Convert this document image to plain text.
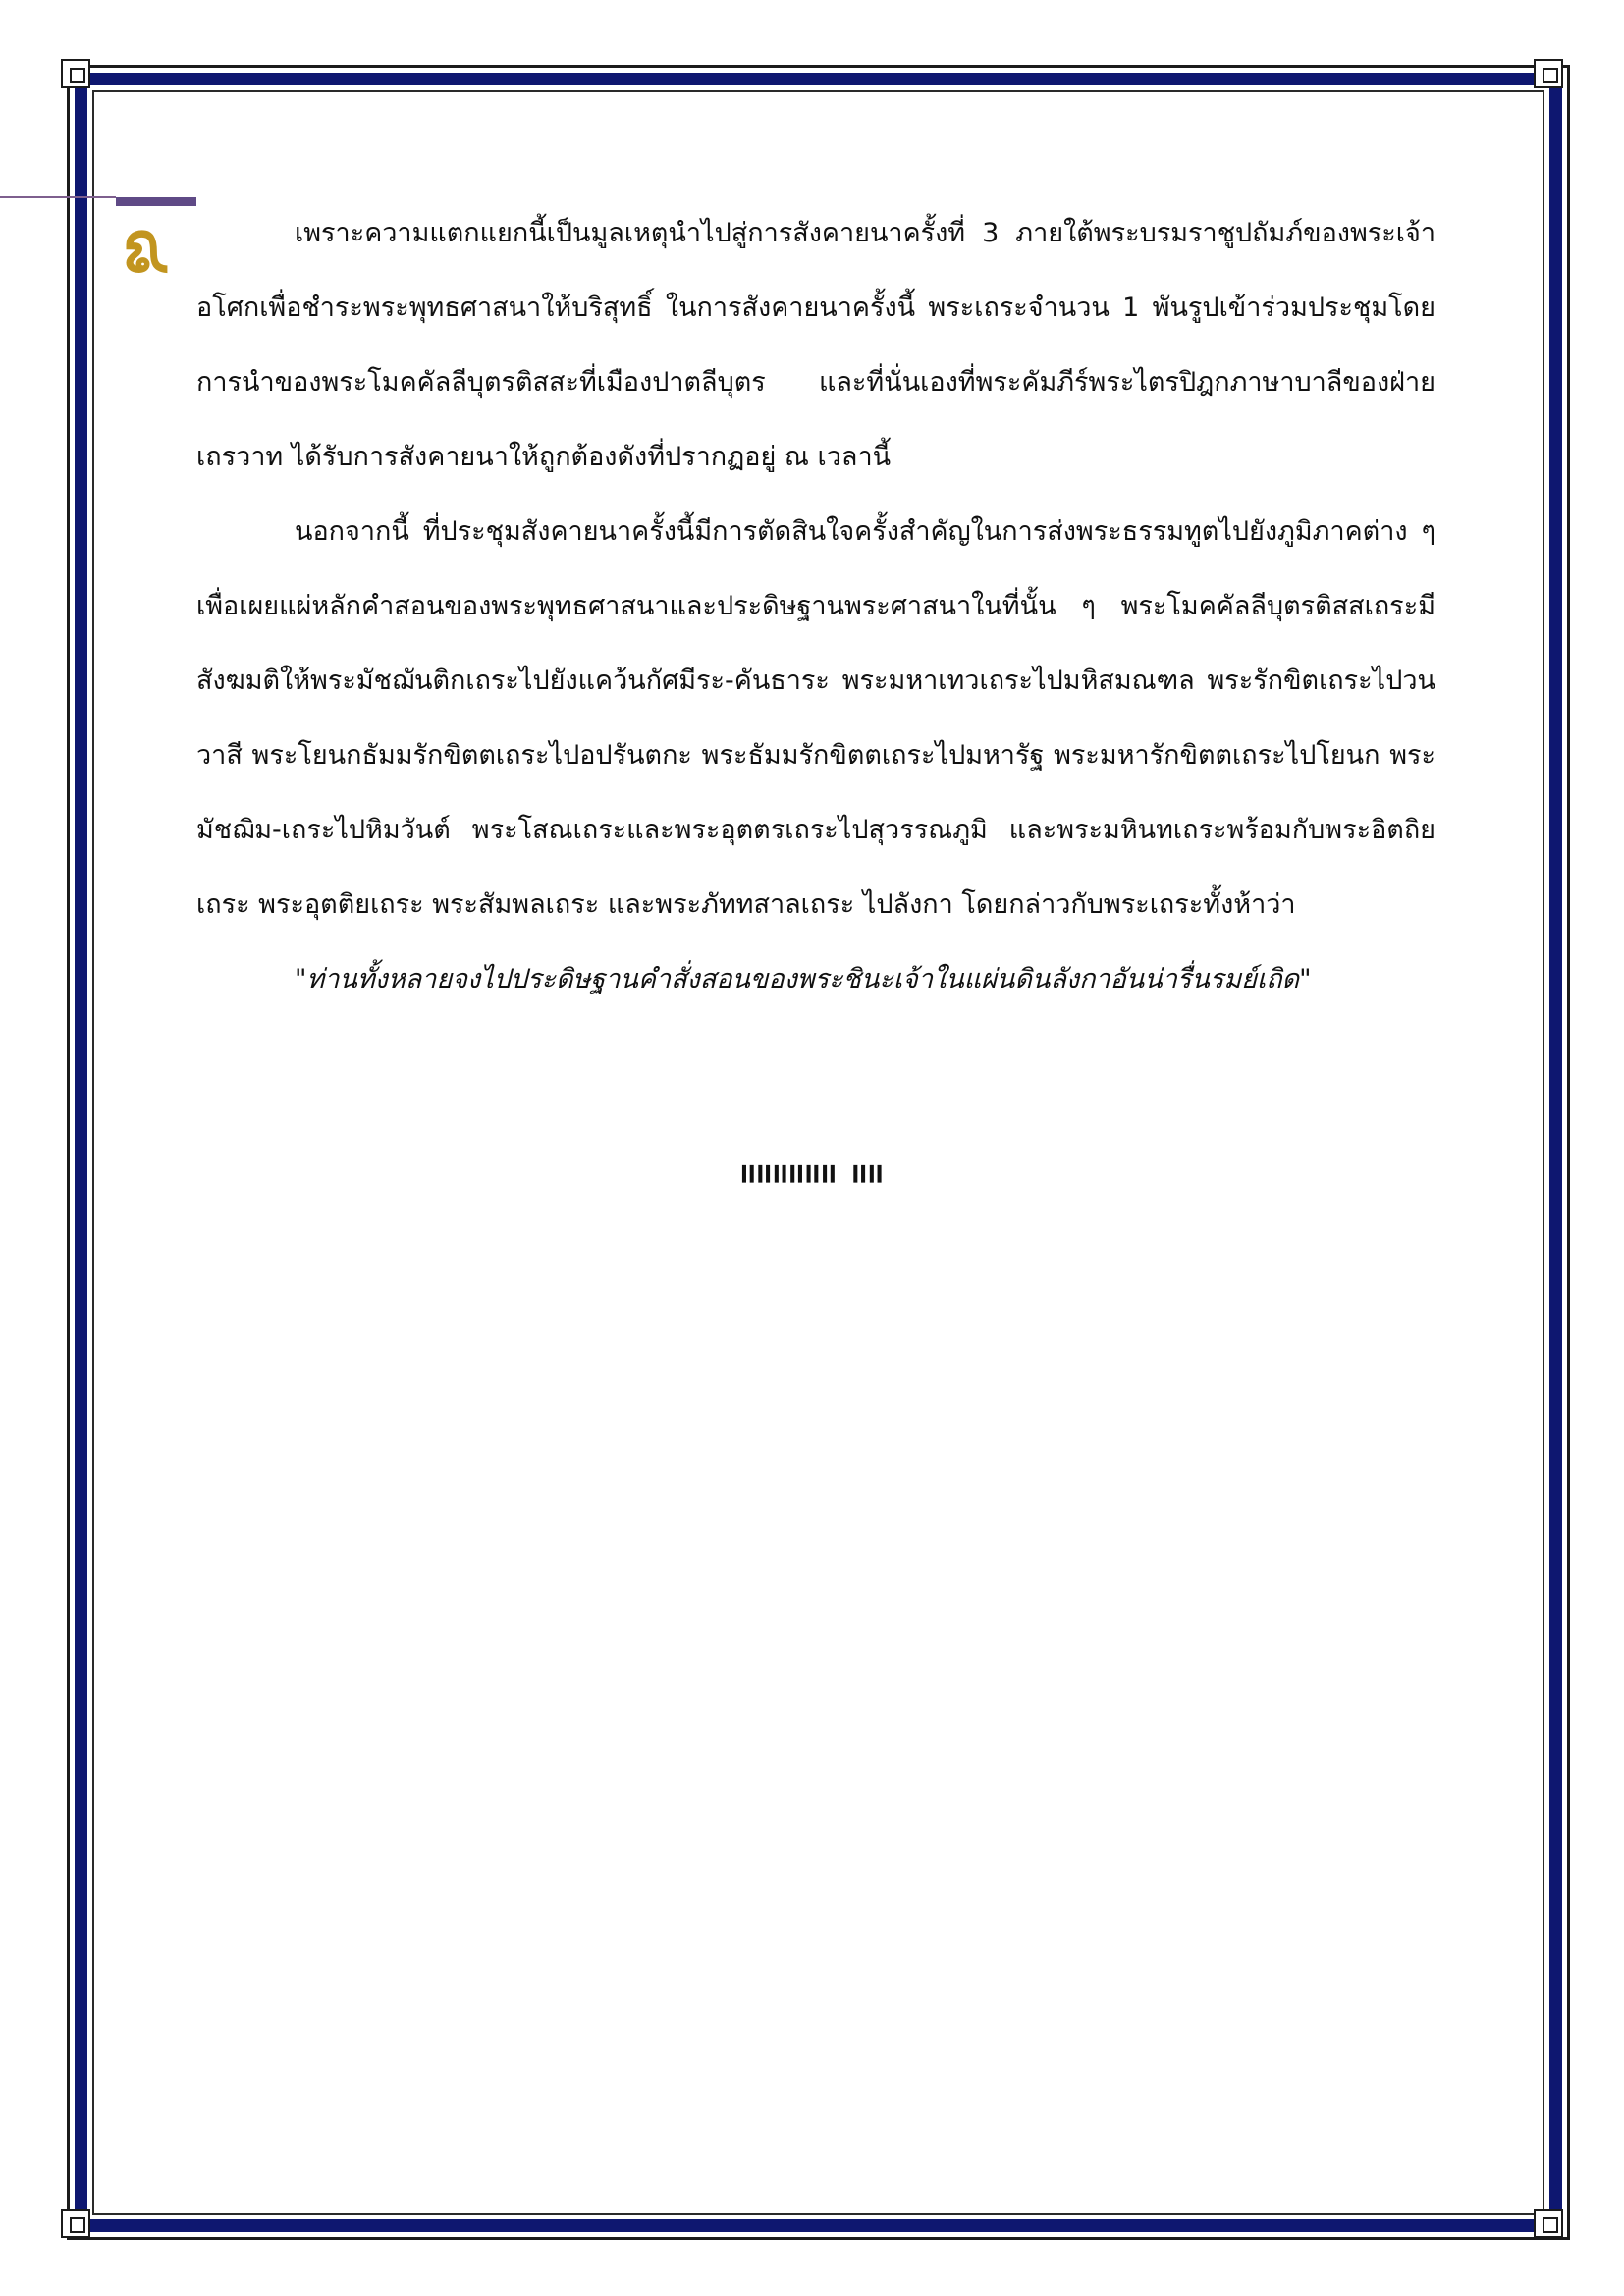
๘	เพราะความแตกแยกนี้เป็นมูลเหตุนำไปสู่การสังคายนาครั้งที่ 3 ภายใต้พระบรมราชูปถัมภ์ของพระเจ้าอโศกเพื่อชำระพระพุทธศาสนาให้บริสุทธิ์ ในการสังคายนาครั้งนี้ พระเถระจำนวน 1 พันรูปเข้าร่วมประชุมโดยการนำของพระโมคคัลลีบุตรติสสะที่เมืองปาตลีบุตร และที่นั่นเองที่พระคัมภีร์พระไตรปิฎกภาษาบาลีของฝ่ายเถรวาท ได้รับการสังคายนาให้ถูกต้องดังที่ปรากฏอยู่ ณ เวลานี้

นอกจากนี้ ที่ประชุมสังคายนาครั้งนี้มีการตัดสินใจครั้งสำคัญในการส่งพระธรรมทูตไปยังภูมิภาคต่าง ๆ เพื่อเผยแผ่หลักคำสอนของพระพุทธศาสนาและประดิษฐานพระศาสนาในที่นั้น ๆ พระโมคคัลลีบุตรติสสเถระมีสังฆมติให้พระมัชฌันติกเถระไปยังแคว้นกัศมีระ-คันธาระ พระมหาเทวเถระไปมหิสมณฑล พระรักขิตเถระไปวนวาสี พระโยนกธัมมรักขิตตเถระไปอปรันตกะ พระธัมมรักขิตตเถระไปมหารัฐ พระมหารักขิตตเถระไปโยนก พระมัชฌิม-เถระไปหิมวันต์ พระโสณเถระและพระอุตตรเถระไปสุวรรณภูมิ และพระมหินทเถระพร้อมกับพระอิตถิยเถระ พระอุตติยเถระ พระสัมพลเถระ และพระภัททสาลเถระ ไปลังกา โดยกล่าวกับพระเถระทั้งห้าว่า

"ท่านทั้งหลายจงไปประดิษฐานคำสั่งสอนของพระชินะเจ้าในแผ่นดินลังกาอันน่ารื่นรมย์เถิด"

ᐦᐦᐦᐦᐦᐦ ᐦᐦ
